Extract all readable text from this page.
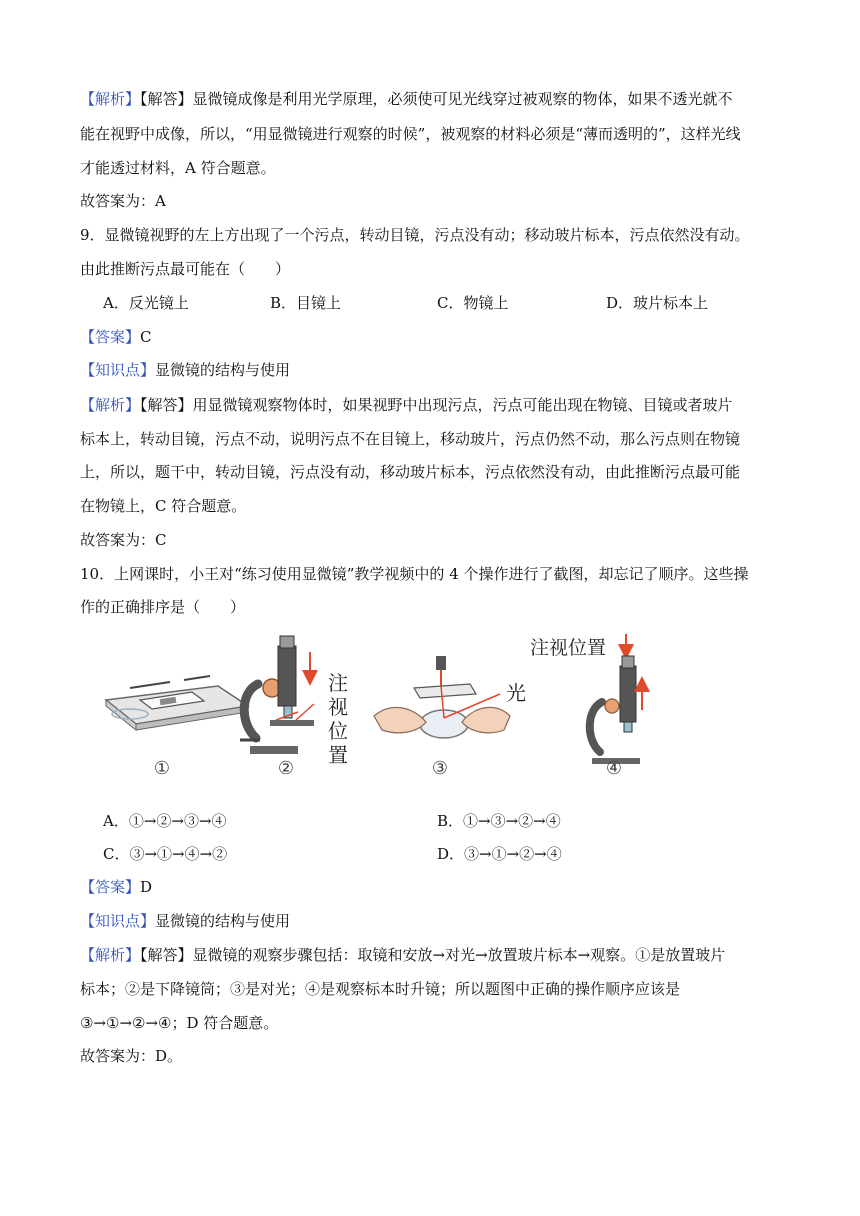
【解析】【解答】显微镜成像是利用光学原理，必须使可见光线穿过被观察的物体，如果不透光就不
能在视野中成像，所以，“用显微镜进行观察的时候”，被观察的材料必须是“薄而透明的”，这样光线
才能透过材料，A 符合题意。
故答案为：A
9．显微镜视野的左上方出现了一个污点，转动目镜，污点没有动；移动玻片标本，污点依然没有动。
由此推断污点最可能在（　　）
A．反光镜上	B．目镜上	C．物镜上	D．玻片标本上
【答案】C
【知识点】显微镜的结构与使用
【解析】【解答】用显微镜观察物体时，如果视野中出现污点，污点可能出现在物镜、目镜或者玻片
标本上，转动目镜，污点不动，说明污点不在目镜上，移动玻片，污点仍然不动，那么污点则在物镜
上，所以，题干中，转动目镜，污点没有动，移动玻片标本，污点依然没有动，由此推断污点最可能
在物镜上，C 符合题意。
故答案为：C
10．上网课时，小王对“练习使用显微镜”教学视频中的 4 个操作进行了截图，却忘记了顺序。这些操
作的正确排序是（　　）
①
注
视
位
置
②
光
③
注视位置
④
A．①→②→③→④	B．①→③→②→④
C．③→①→④→②	D．③→①→②→④
【答案】D
【知识点】显微镜的结构与使用
【解析】【解答】显微镜的观察步骤包括：取镜和安放→对光→放置玻片标本→观察。①是放置玻片
标本；②是下降镜筒；③是对光；④是观察标本时升镜；所以题图中正确的操作顺序应该是
③→①→②→④；D 符合题意。
故答案为：D。
